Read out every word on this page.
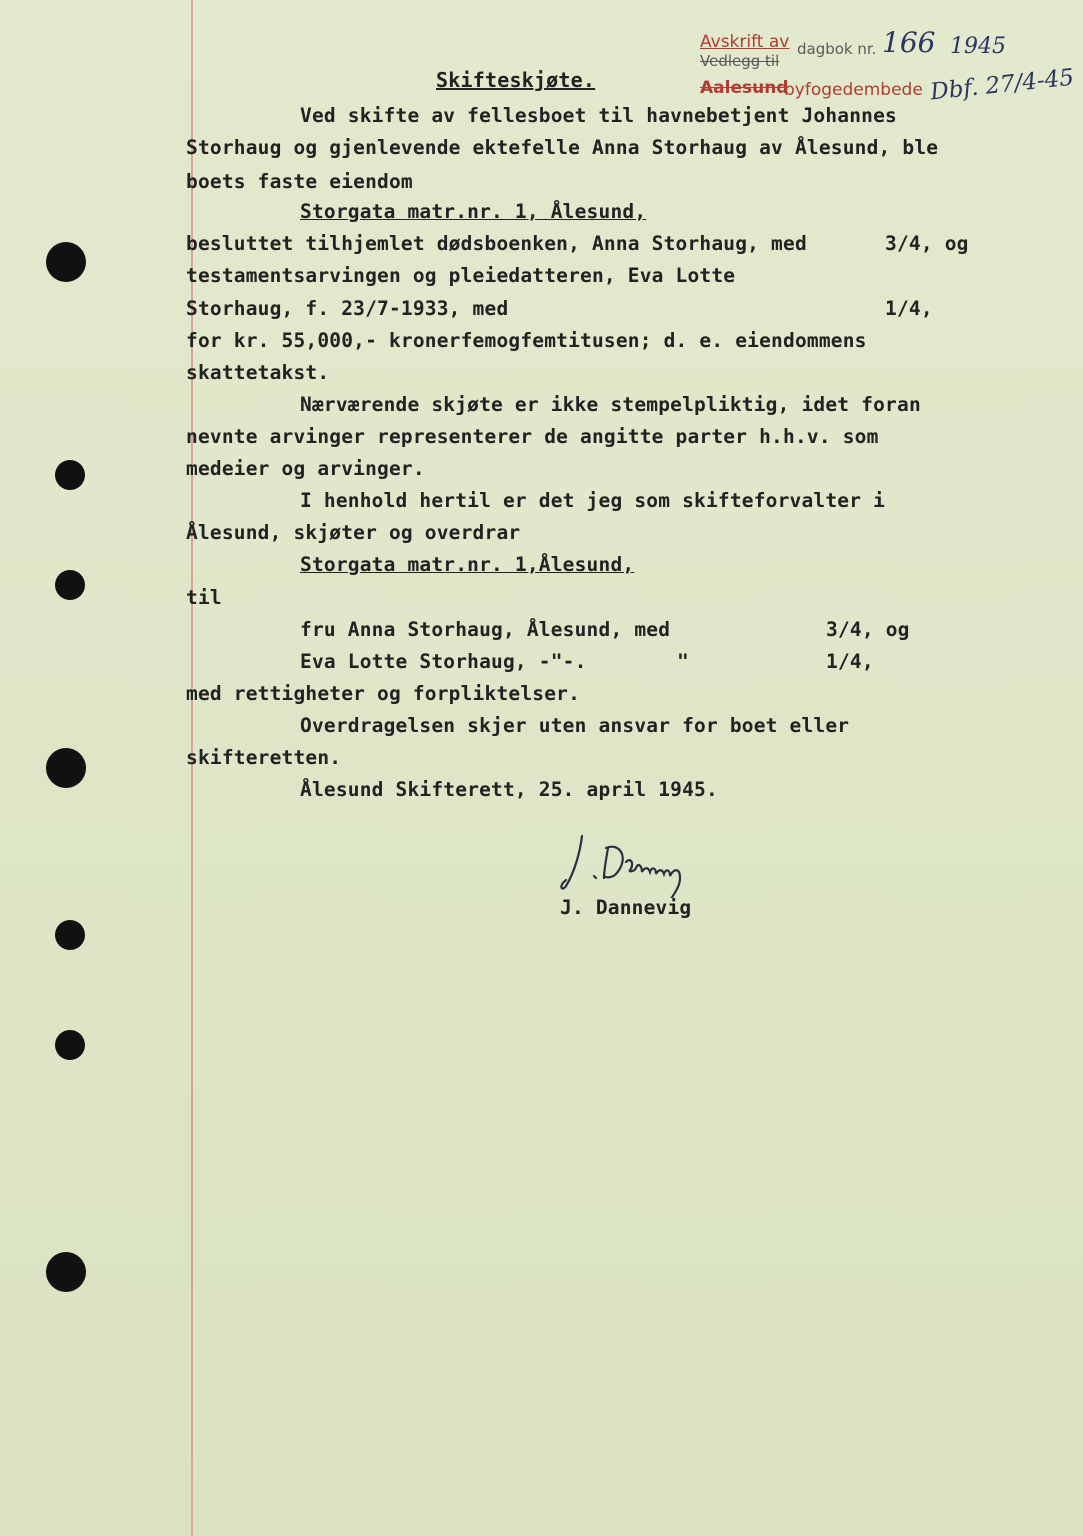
Avskrift av
Vedlegg til
dagbok nr. 166 1945
Aalesund
byfogedembede Dbf. 27/4-45
Skifteskjøte.
Ved skifte av fellesboet til havnebetjent Johannes
Storhaug og gjenlevende ektefelle Anna Storhaug av Ålesund, ble
boets faste eiendom
Storgata matr.nr. 1, Ålesund,
besluttet tilhjemlet dødsboenken, Anna Storhaug, med	3/4, og
testamentsarvingen og pleiedatteren, Eva Lotte
Storhaug, f. 23/7-1933, med	1/4,
for kr. 55,000,- kronerfemogfemtitusen; d. e. eiendommens
skattetakst.
Nærværende skjøte er ikke stempelpliktig, idet foran
nevnte arvinger representerer de angitte parter h.h.v. som
medeier og arvinger.
I henhold hertil er det jeg som skifteforvalter i
Ålesund, skjøter og overdrar
Storgata matr.nr. 1,Ålesund,
til
fru Anna Storhaug, Ålesund, med	3/4, og
Eva Lotte Storhaug, -"-.	"	1/4,
med rettigheter og forpliktelser.
Overdragelsen skjer uten ansvar for boet eller
skifteretten.
Ålesund Skifterett, 25. april 1945.
J. Dannevig
